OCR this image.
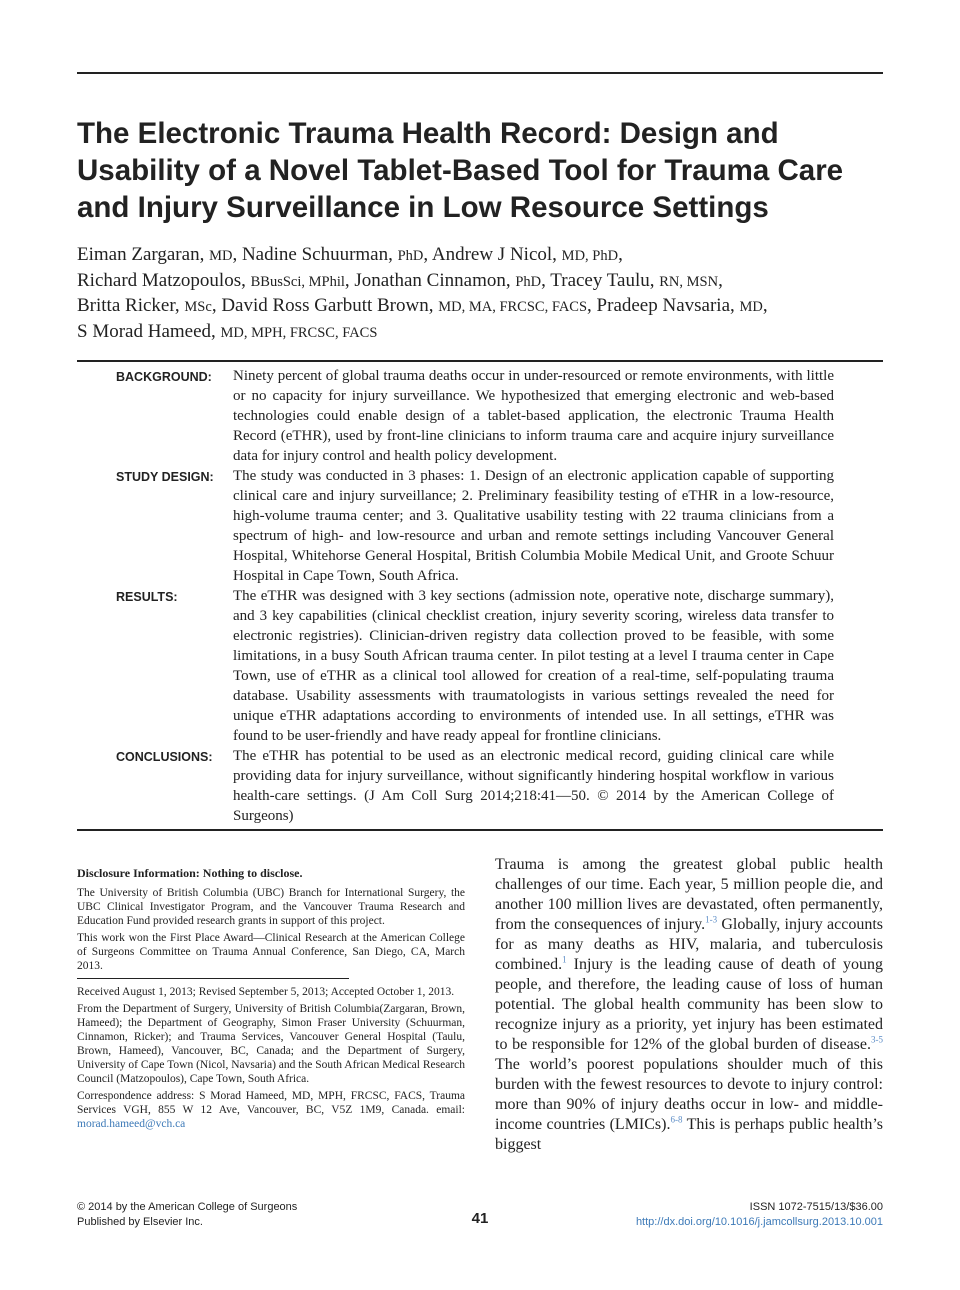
The Electronic Trauma Health Record: Design and Usability of a Novel Tablet-Based Tool for Trauma Care and Injury Surveillance in Low Resource Settings
Eiman Zargaran, MD, Nadine Schuurman, PhD, Andrew J Nicol, MD, PhD,
Richard Matzopoulos, BBusSci, MPhil, Jonathan Cinnamon, PhD, Tracey Taulu, RN, MSN,
Britta Ricker, MSc, David Ross Garbutt Brown, MD, MA, FRCSC, FACS, Pradeep Navsaria, MD,
S Morad Hameed, MD, MPH, FRCSC, FACS
BACKGROUND:	Ninety percent of global trauma deaths occur in under-resourced or remote environments, with little or no capacity for injury surveillance. We hypothesized that emerging electronic and web-based technologies could enable design of a tablet-based application, the electronic Trauma Health Record (eTHR), used by front-line clinicians to inform trauma care and acquire injury surveillance data for injury control and health policy development.

STUDY DESIGN:	The study was conducted in 3 phases: 1. Design of an electronic application capable of supporting clinical care and injury surveillance; 2. Preliminary feasibility testing of eTHR in a low-resource, high-volume trauma center; and 3. Qualitative usability testing with 22 trauma clinicians from a spectrum of high- and low-resource and urban and remote settings including Vancouver General Hospital, Whitehorse General Hospital, British Columbia Mobile Medical Unit, and Groote Schuur Hospital in Cape Town, South Africa.

RESULTS:	The eTHR was designed with 3 key sections (admission note, operative note, discharge summary), and 3 key capabilities (clinical checklist creation, injury severity scoring, wireless data transfer to electronic registries). Clinician-driven registry data collection proved to be feasible, with some limitations, in a busy South African trauma center. In pilot testing at a level I trauma center in Cape Town, use of eTHR as a clinical tool allowed for creation of a real-time, self-populating trauma database. Usability assessments with traumatologists in various settings revealed the need for unique eTHR adaptations according to environments of intended use. In all settings, eTHR was found to be user-friendly and have ready appeal for frontline clinicians.

CONCLUSIONS:	The eTHR has potential to be used as an electronic medical record, guiding clinical care while providing data for injury surveillance, without significantly hindering hospital workflow in various health-care settings. (J Am Coll Surg 2014;218:41—50. © 2014 by the American College of Surgeons)

Disclosure Information: Nothing to disclose.

The University of British Columbia (UBC) Branch for International Surgery, the UBC Clinical Investigator Program, and the Vancouver Trauma Research and Education Fund provided research grants in support of this project.

This work won the First Place Award—Clinical Research at the American College of Surgeons Committee on Trauma Annual Conference, San Diego, CA, March 2013.

Received August 1, 2013; Revised September 5, 2013; Accepted October 1, 2013.

From the Department of Surgery, University of British Columbia(Zargaran, Brown, Hameed); the Department of Geography, Simon Fraser University (Schuurman, Cinnamon, Ricker); and Trauma Services, Vancouver General Hospital (Taulu, Brown, Hameed), Vancouver, BC, Canada; and the Department of Surgery, University of Cape Town (Nicol, Navsaria) and the South African Medical Research Council (Matzopoulos), Cape Town, South Africa.

Correspondence address: S Morad Hameed, MD, MPH, FRCSC, FACS, Trauma Services VGH, 855 W 12 Ave, Vancouver, BC, V5Z 1M9, Canada. email: morad.hameed@vch.ca

Trauma is among the greatest global public health challenges of our time. Each year, 5 million people die, and another 100 million lives are devastated, often permanently, from the consequences of injury.$^{1-3}$ Globally, injury accounts for as many deaths as HIV, malaria, and tuberculosis combined.$^1$ Injury is the leading cause of death of young people, and therefore, the leading cause of loss of human potential. The global health community has been slow to recognize injury as a priority, yet injury has been estimated to be responsible for 12% of the global burden of disease.$^{3-5}$ The world’s poorest populations shoulder much of this burden with the fewest resources to devote to injury control: more than 90% of injury deaths occur in low- and middle-income countries (LMICs).$^{6-8}$ This is perhaps public health’s biggest

© 2014 by the American College of Surgeons
Published by Elsevier Inc.	41
ISSN 1072-7515/13/$36.00
http://dx.doi.org/10.1016/j.jamcollsurg.2013.10.001
